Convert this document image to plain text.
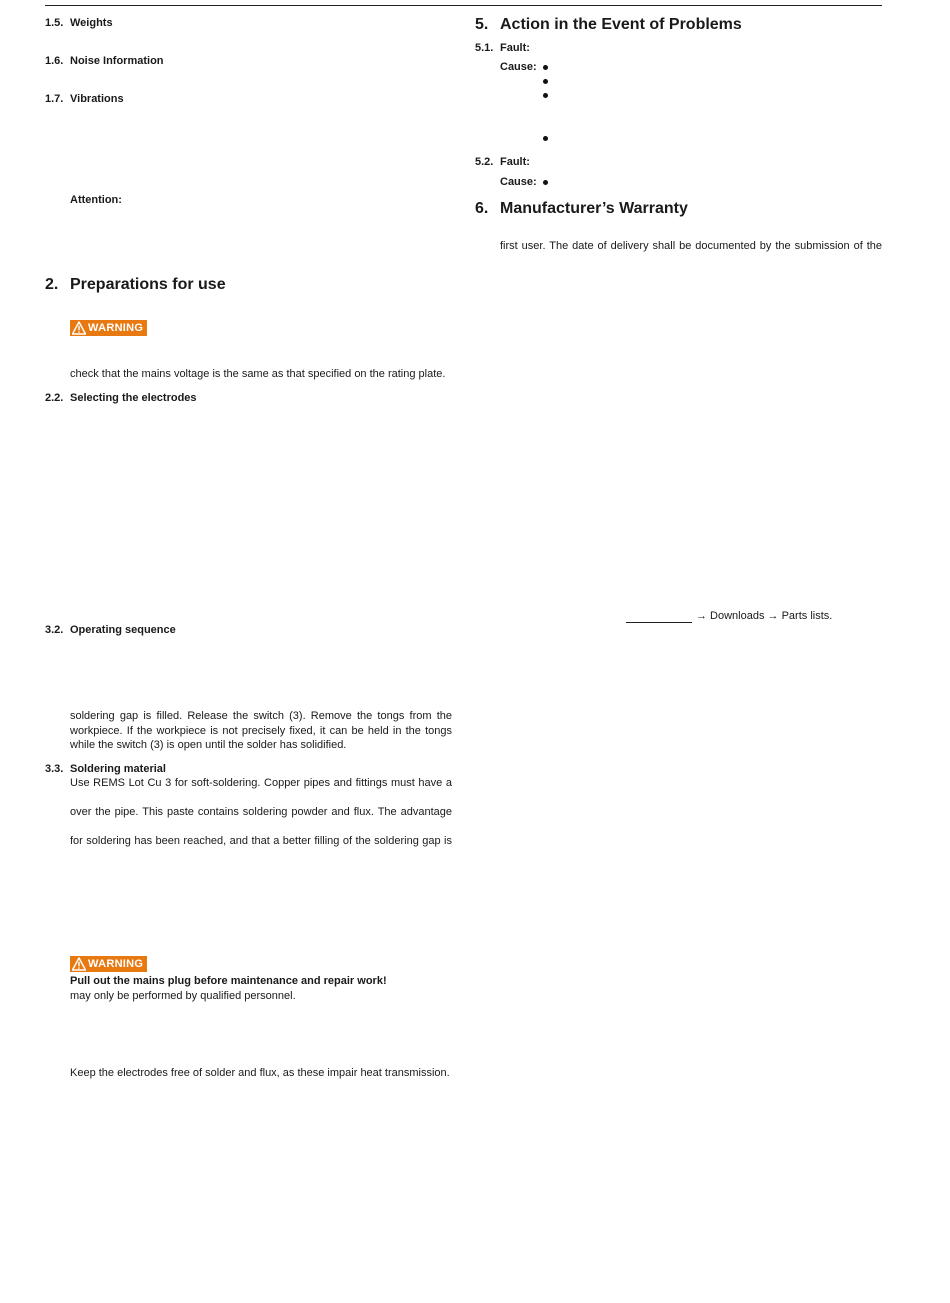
1.5. Weights
1.6. Noise Information
1.7. Vibrations
Attention:
2. Preparations for use
WARNING
check that the mains voltage is the same as that specified on the rating plate.
2.2. Selecting the electrodes
3.2. Operating sequence
soldering gap is filled. Release the switch (3). Remove the tongs from the
workpiece. If the workpiece is not precisely fixed, it can be held in the tongs
while the switch (3) is open until the solder has solidified.
3.3. Soldering material
Use REMS Lot Cu 3 for soft-soldering. Copper pipes and fittings must have a
over the pipe. This paste contains soldering powder and flux. The advantage
for soldering has been reached, and that a better filling of the soldering gap is
WARNING
Pull out the mains plug before maintenance and repair work!
may only be performed by qualified personnel.
Keep the electrodes free of solder and flux, as these impair heat transmission.
5. Action in the Event of Problems
5.1. Fault:
Cause:
5.2. Fault:
Cause:
6. Manufacturer’s Warranty
first user. The date of delivery shall be documented by the submission of the
→ Downloads → Parts lists.
